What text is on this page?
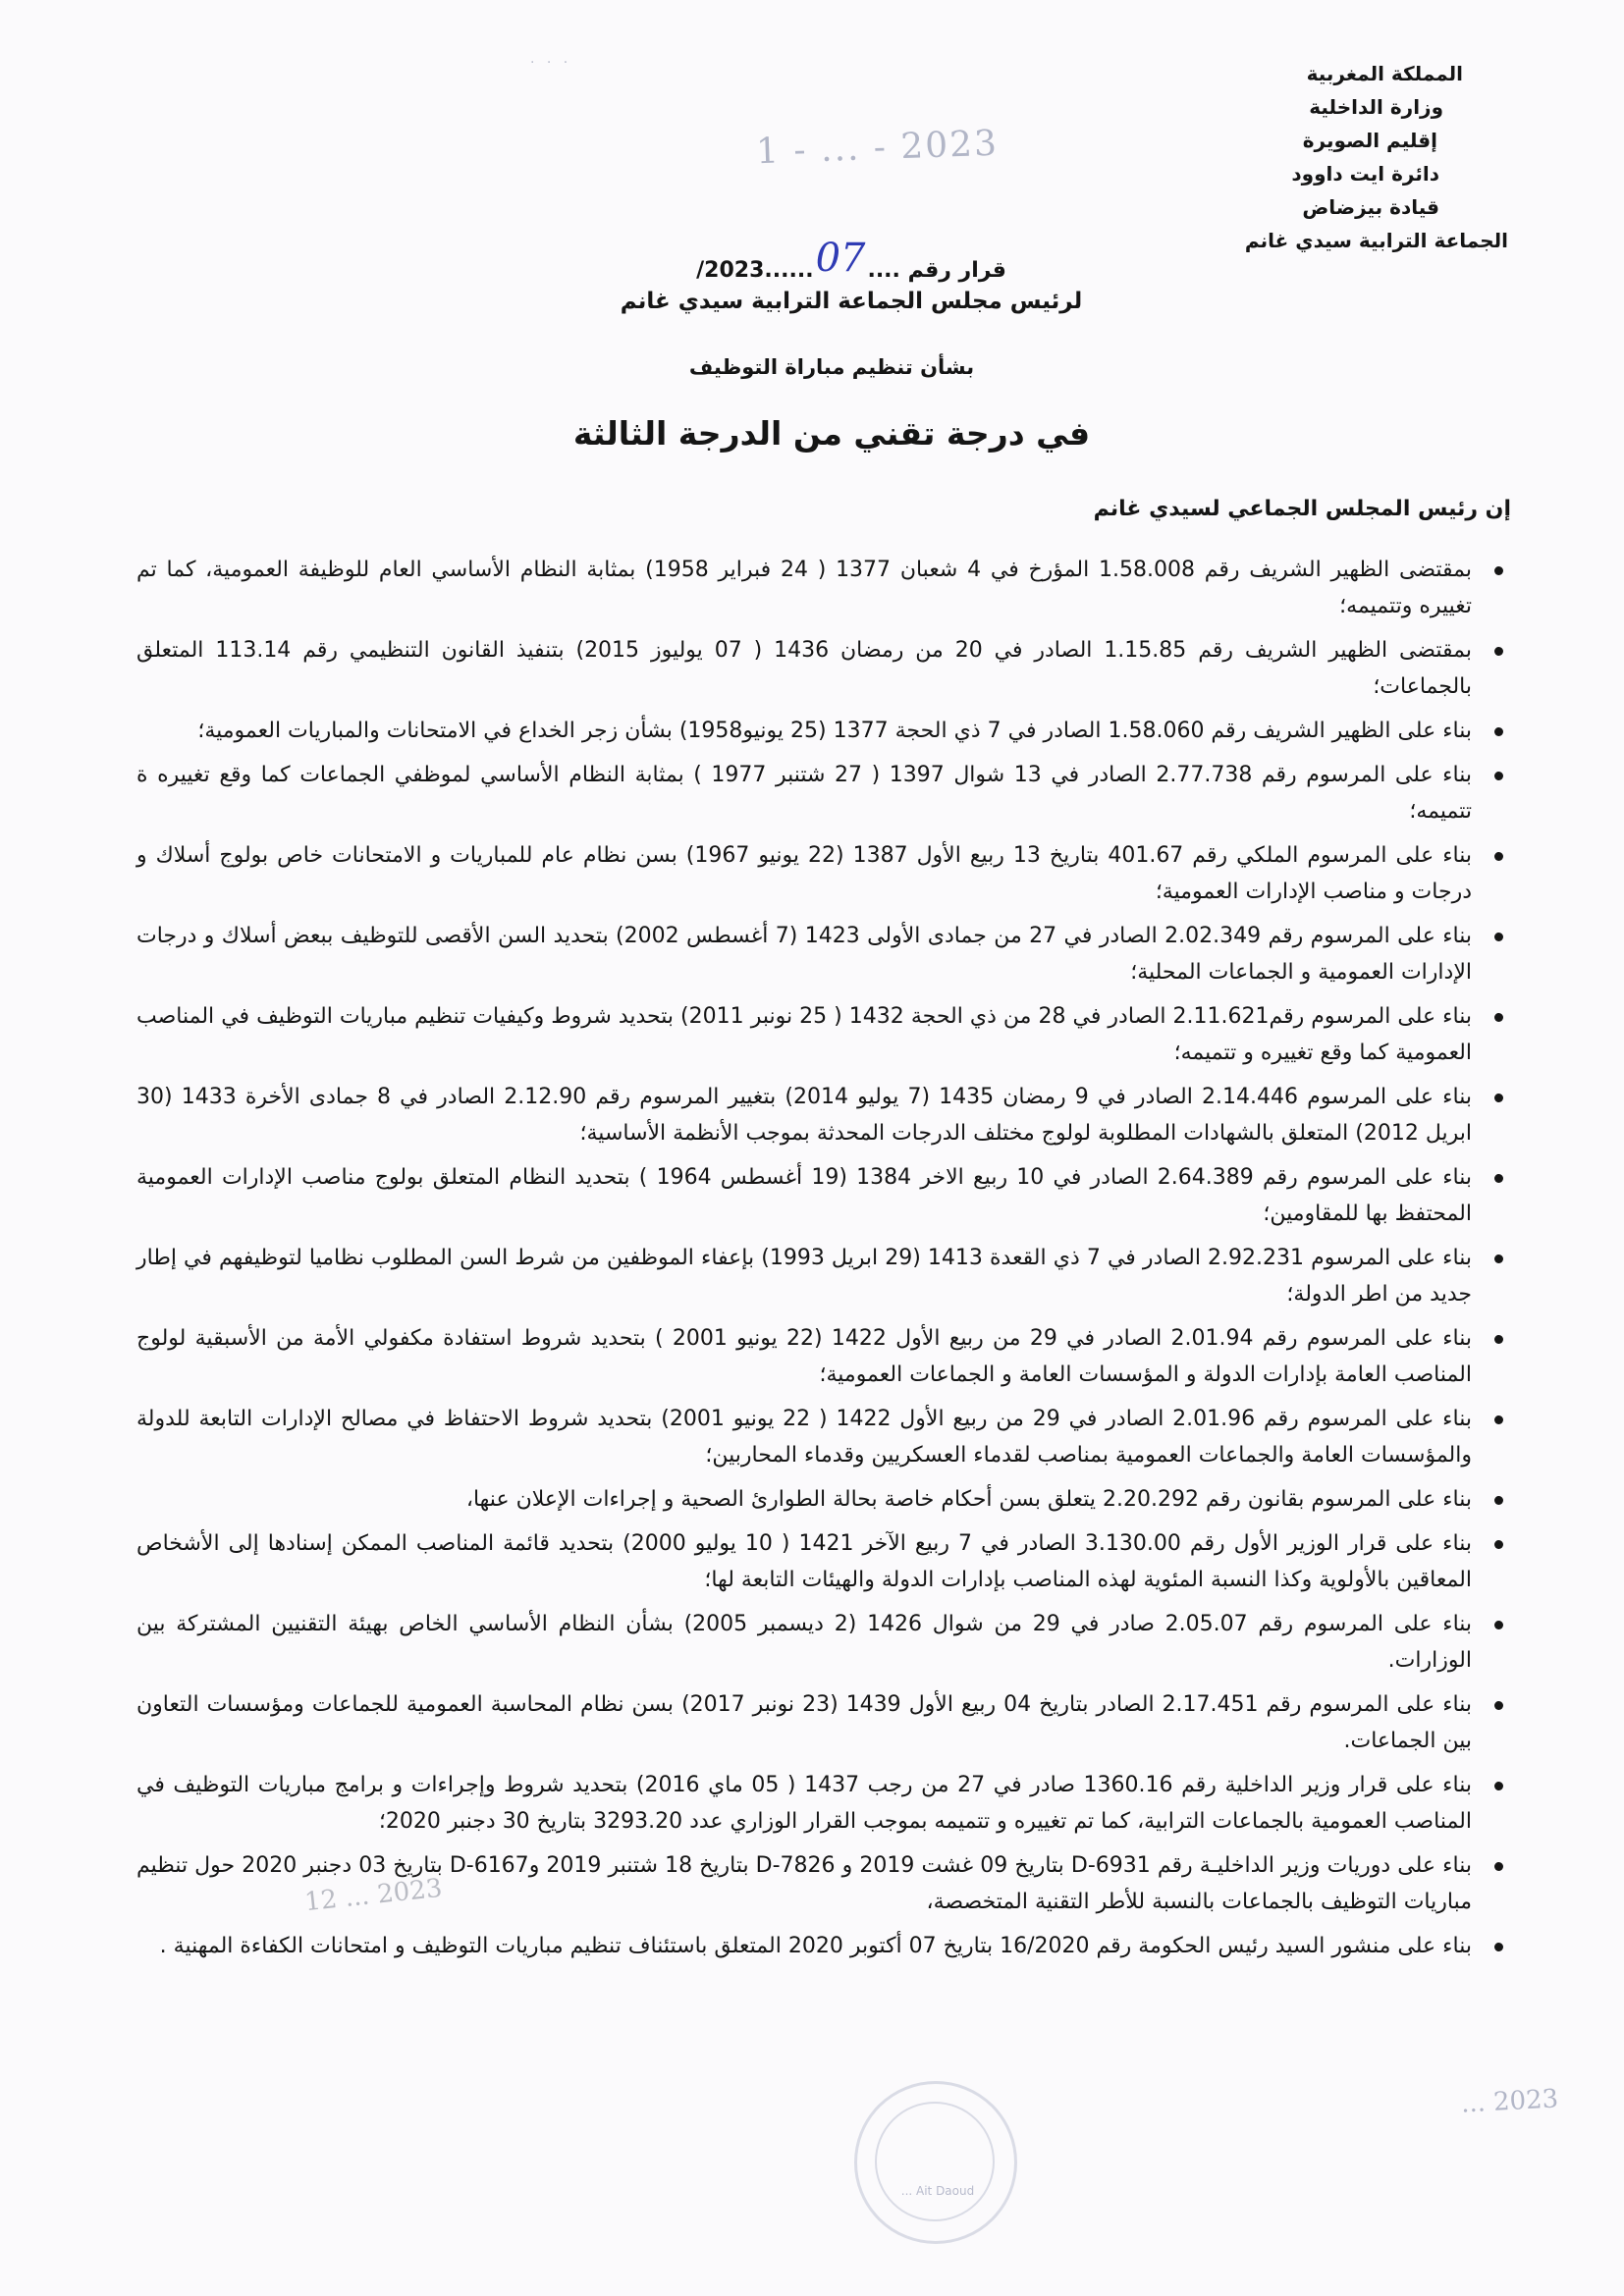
· · ·
2023 - ... - 1
المملكة المغربية
وزارة الداخلية
إقليم الصويرة
دائرة ايت داوود
قيادة بيزضاض
الجماعة الترابية سيدي غانم
قرار رقم ....07......2023/
لرئيس مجلس الجماعة الترابية سيدي غانم
بشأن تنظيم مباراة التوظيف
في درجة تقني من الدرجة الثالثة
إن رئيس المجلس الجماعي لسيدي غانم
بمقتضى الظهير الشريف رقم 1.58.008 المؤرخ في 4 شعبان 1377 ( 24 فبراير 1958) بمثابة النظام الأساسي العام للوظيفة العمومية، كما تم تغييره وتتميمه؛
بمقتضى الظهير الشريف رقم 1.15.85 الصادر في 20 من رمضان 1436 ( 07 يوليوز 2015) بتنفيذ القانون التنظيمي رقم 113.14 المتعلق بالجماعات؛
بناء على الظهير الشريف رقم 1.58.060 الصادر في 7 ذي الحجة 1377 (25 يونيو1958) بشأن زجر الخداع في الامتحانات والمباريات العمومية؛
بناء على المرسوم رقم 2.77.738 الصادر في 13 شوال 1397 ( 27 شتنبر 1977 ) بمثابة النظام الأساسي لموظفي الجماعات كما وقع تغييره ة تتميمه؛
بناء على المرسوم الملكي رقم 401.67 بتاريخ 13 ربيع الأول 1387 (22 يونيو 1967) بسن نظام عام للمباريات و الامتحانات خاص بولوج أسلاك و درجات و مناصب الإدارات العمومية؛
بناء على المرسوم رقم 2.02.349 الصادر في 27 من جمادى الأولى 1423 (7 أغسطس 2002) بتحديد السن الأقصى للتوظيف ببعض أسلاك و درجات الإدارات العمومية و الجماعات المحلية؛
بناء على المرسوم رقم2.11.621 الصادر في 28 من ذي الحجة 1432 ( 25 نونبر 2011) بتحديد شروط وكيفيات تنظيم مباريات التوظيف في المناصب العمومية كما وقع تغييره و تتميمه؛
بناء على المرسوم 2.14.446 الصادر في 9 رمضان 1435 (7 يوليو 2014) بتغيير المرسوم رقم 2.12.90 الصادر في 8 جمادى الأخرة 1433 (30 ابريل 2012) المتعلق بالشهادات المطلوبة لولوج مختلف الدرجات المحدثة بموجب الأنظمة الأساسية؛
بناء على المرسوم رقم 2.64.389 الصادر في 10 ربيع الاخر 1384 (19 أغسطس 1964 ) بتحديد النظام المتعلق بولوج مناصب الإدارات العمومية المحتفظ بها للمقاومين؛
بناء على المرسوم 2.92.231 الصادر في 7 ذي القعدة 1413 (29 ابريل 1993) بإعفاء الموظفين من شرط السن المطلوب نظاميا لتوظيفهم في إطار جديد من اطر الدولة؛
بناء على المرسوم رقم 2.01.94 الصادر في 29 من ربيع الأول 1422 (22 يونيو 2001 ) بتحديد شروط استفادة مكفولي الأمة من الأسبقية لولوج المناصب العامة بإدارات الدولة و المؤسسات العامة و الجماعات العمومية؛
بناء على المرسوم رقم 2.01.96 الصادر في 29 من ربيع الأول 1422 ( 22 يونيو 2001) بتحديد شروط الاحتفاظ في مصالح الإدارات التابعة للدولة والمؤسسات العامة والجماعات العمومية بمناصب لقدماء العسكريين وقدماء المحاربين؛
بناء على المرسوم بقانون رقم 2.20.292 يتعلق بسن أحكام خاصة بحالة الطوارئ الصحية و إجراءات الإعلان عنها،
بناء على قرار الوزير الأول رقم 3.130.00 الصادر في 7 ربيع الآخر 1421 ( 10 يوليو 2000) بتحديد قائمة المناصب الممكن إسنادها إلى الأشخاص المعاقين بالأولوية وكذا النسبة المئوية لهذه المناصب بإدارات الدولة والهيئات التابعة لها؛
بناء على المرسوم رقم 2.05.07 صادر في 29 من شوال 1426 (2 ديسمبر 2005) بشأن النظام الأساسي الخاص بهيئة التقنيين المشتركة بين الوزارات.
بناء على المرسوم رقم 2.17.451 الصادر بتاريخ 04 ربيع الأول 1439 (23 نونبر 2017) بسن نظام المحاسبة العمومية للجماعات ومؤسسات التعاون بين الجماعات.
بناء على قرار وزير الداخلية رقم 1360.16 صادر في 27 من رجب 1437 ( 05 ماي 2016) بتحديد شروط وإجراءات و برامج مباريات التوظيف في المناصب العمومية بالجماعات الترابية، كما تم تغييره و تتميمه بموجب القرار الوزاري عدد 3293.20 بتاريخ 30 دجنبر 2020؛
بناء على دوريات وزير الداخليـة رقم D-6931 بتاريخ 09 غشت 2019 و D-7826 بتاريخ 18 شتنبر 2019 وD-6167 بتاريخ 03 دجنبر 2020 حول تنظيم مباريات التوظيف بالجماعات بالنسبة للأطر التقنية المتخصصة،
بناء على منشور السيد رئيس الحكومة رقم 16/2020 بتاريخ 07 أكتوبر 2020 المتعلق باستئناف تنظيم مباريات التوظيف و امتحانات الكفاءة المهنية .
2023 ... 12
... Ait Daoud
2023 ...
